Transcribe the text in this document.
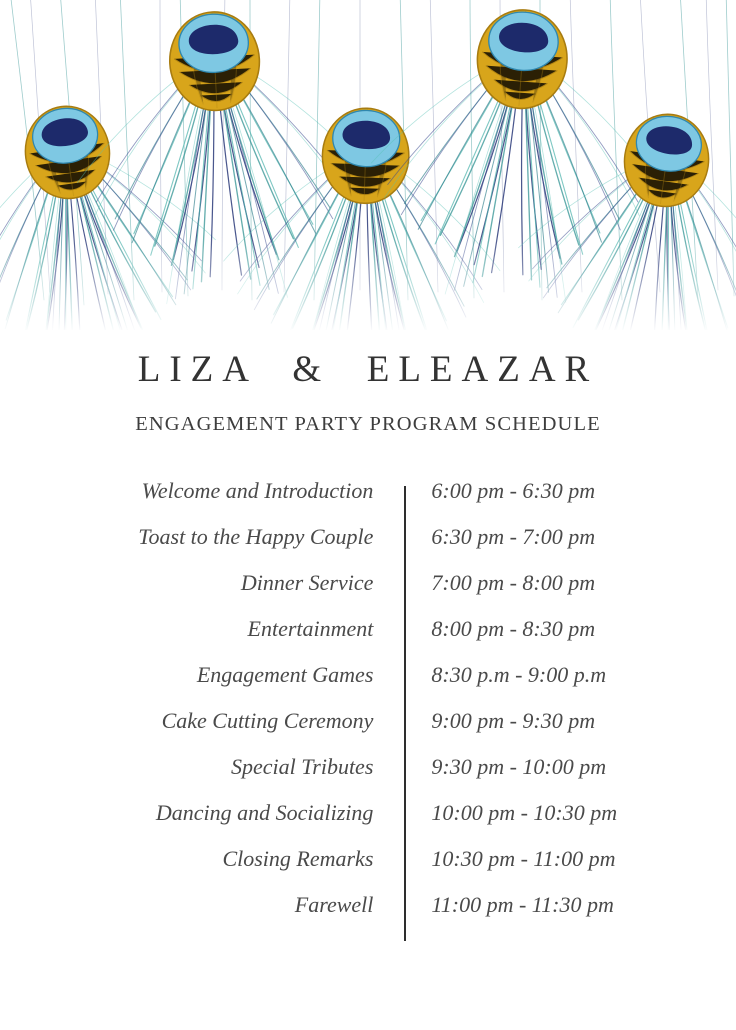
LIZA  &  ELEAZAR
ENGAGEMENT PARTY PROGRAM SCHEDULE
Welcome and Introduction	6:00 pm - 6:30 pm
Toast to the Happy Couple	6:30 pm - 7:00 pm
Dinner Service	7:00 pm - 8:00 pm
Entertainment	8:00 pm - 8:30 pm
Engagement Games	8:30 p.m - 9:00 p.m
Cake Cutting Ceremony	9:00 pm - 9:30 pm
Special Tributes	9:30 pm - 10:00 pm
Dancing and Socializing	10:00 pm - 10:30 pm
Closing Remarks	10:30 pm - 11:00 pm
Farewell	11:00 pm - 11:30 pm
